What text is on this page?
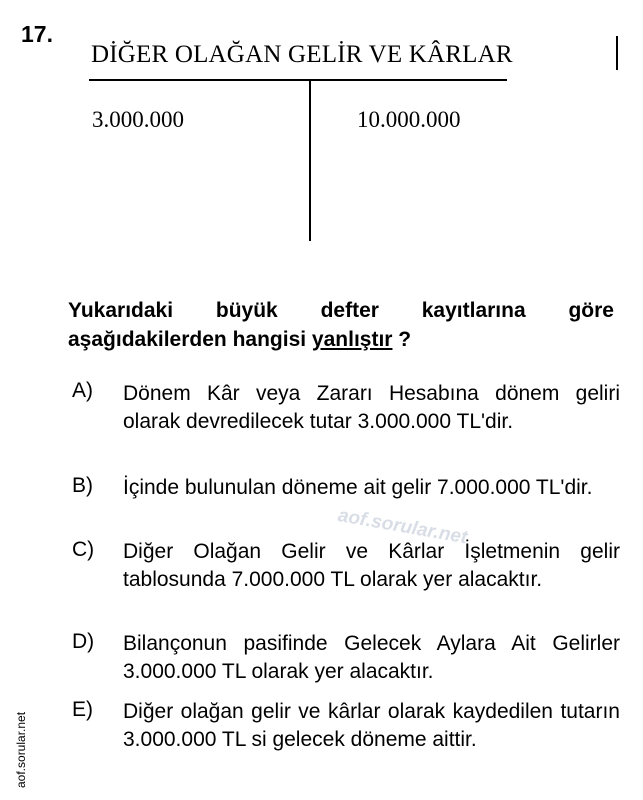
17.
DİĞER OLAĞAN GELİR VE KÂRLAR
3.000.000	10.000.000
Yukarıdaki büyük defter kayıtlarına göre aşağıdakilerden hangisi yanlıştır ?
A) Dönem Kâr veya Zararı Hesabına dönem geliri olarak devredilecek tutar 3.000.000 TL'dir.
B) İçinde bulunulan döneme ait gelir 7.000.000 TL'dir.
C) Diğer Olağan Gelir ve Kârlar İşletmenin gelir tablosunda 7.000.000 TL olarak yer alacaktır.
D) Bilançonun pasifinde Gelecek Aylara Ait Gelirler 3.000.000 TL olarak yer alacaktır.
E) Diğer olağan gelir ve kârlar olarak kaydedilen tutarın 3.000.000 TL si gelecek döneme aittir.
aof.sorular.net
aof.sorular.net
